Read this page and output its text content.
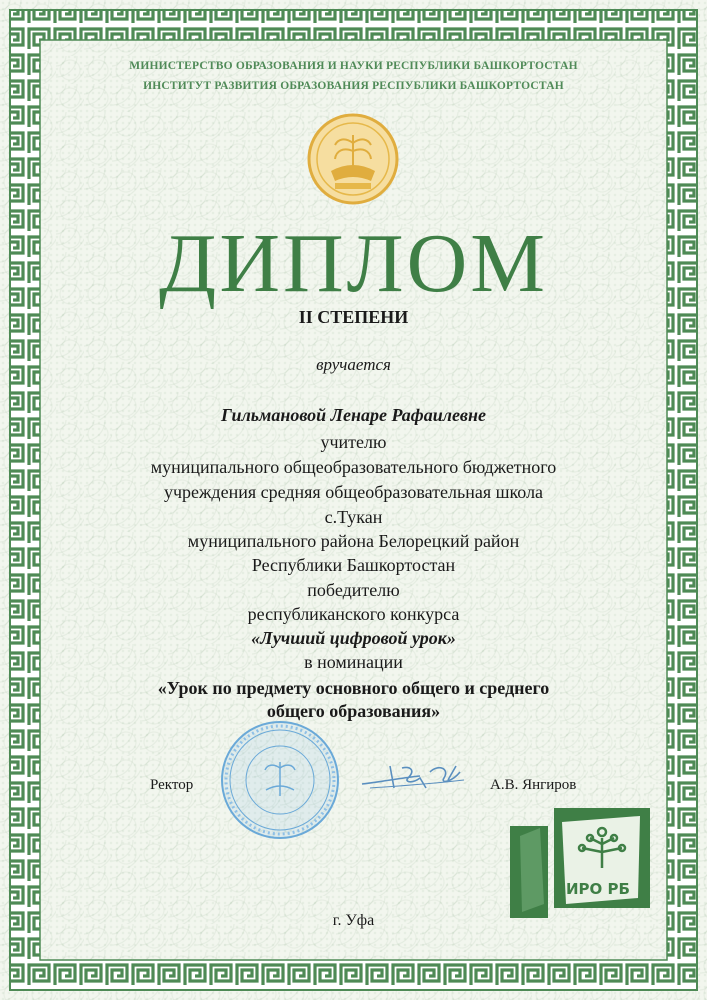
МИНИСТЕРСТВО ОБРАЗОВАНИЯ И НАУКИ РЕСПУБЛИКИ БАШКОРТОСТАН
ИНСТИТУТ РАЗВИТИЯ ОБРАЗОВАНИЯ РЕСПУБЛИКИ БАШКОРТОСТАН
ДИПЛОМ
II СТЕПЕНИ
вручается
Гильмановой Ленаре Рафаилевне
учителю
муниципального общеобразовательного бюджетного
учреждения средняя общеобразовательная школа
с.Тукан
муниципального района Белорецкий район
Республики Башкортостан
победителю
республиканского конкурса
«Лучший цифровой урок»
в номинации
«Урок по предмету основного общего и среднего
общего образования»
Ректор	А.В. Янгиров
ИРО РБ
г. Уфа
